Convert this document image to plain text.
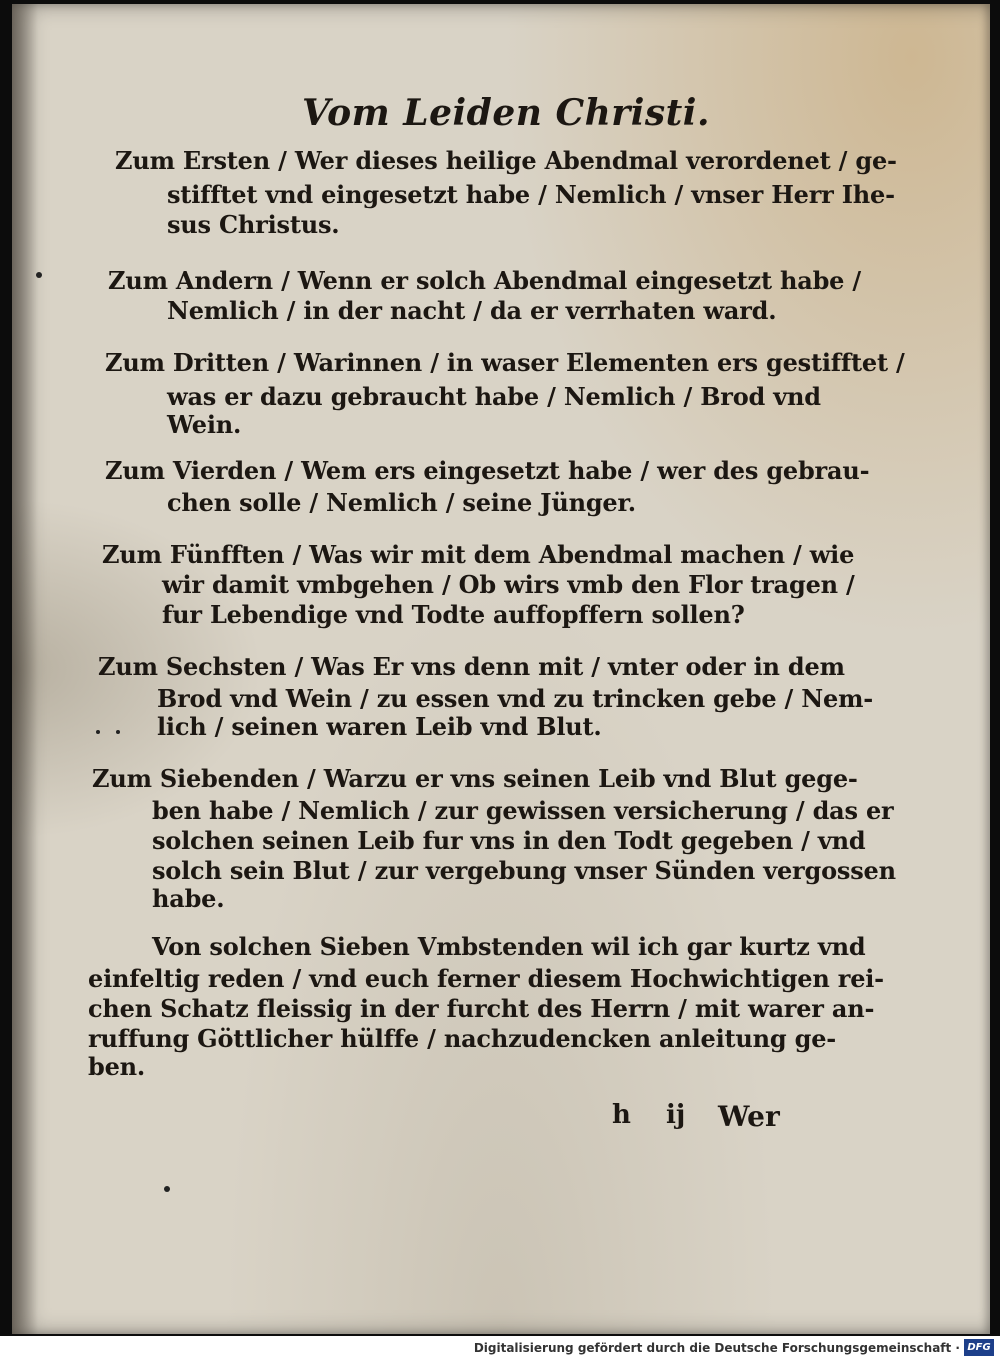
Vom Leiden Christi.
Zum Ersten / Wer dieses heilige Abendmal verordenet / ge-
stifftet vnd eingesetzt habe / Nemlich / vnser Herr Ihe-
sus Christus.
Zum Andern / Wenn er solch Abendmal eingesetzt habe /
Nemlich / in der nacht / da er verrhaten ward.
Zum Dritten / Warinnen / in waser Elementen ers gestifftet /
was er dazu gebraucht habe / Nemlich / Brod vnd
Wein.
Zum Vierden / Wem ers eingesetzt habe / wer des gebrau-
chen solle / Nemlich / seine Jünger.
Zum Fünfften / Was wir mit dem Abendmal machen / wie
wir damit vmbgehen / Ob wirs vmb den Flor tragen /
fur Lebendige vnd Todte auffopffern sollen?
Zum Sechsten / Was Er vns denn mit / vnter oder in dem
Brod vnd Wein / zu essen vnd zu trincken gebe / Nem-
lich / seinen waren Leib vnd Blut.
Zum Siebenden / Warzu er vns seinen Leib vnd Blut gege-
ben habe / Nemlich / zur gewissen versicherung / das er
solchen seinen Leib fur vns in den Todt gegeben / vnd
solch sein Blut / zur vergebung vnser Sünden vergossen
habe.
Von solchen Sieben Vmbstenden wil ich gar kurtz vnd
einfeltig reden / vnd euch ferner diesem Hochwichtigen rei-
chen Schatz fleissig in der furcht des Herrn / mit warer an-
ruffung Göttlicher hülffe / nachzudencken anleitung ge-
ben.
h ij Wer
Digitalisierung gefördert durch die Deutsche Forschungsgemeinschaft · DFG
